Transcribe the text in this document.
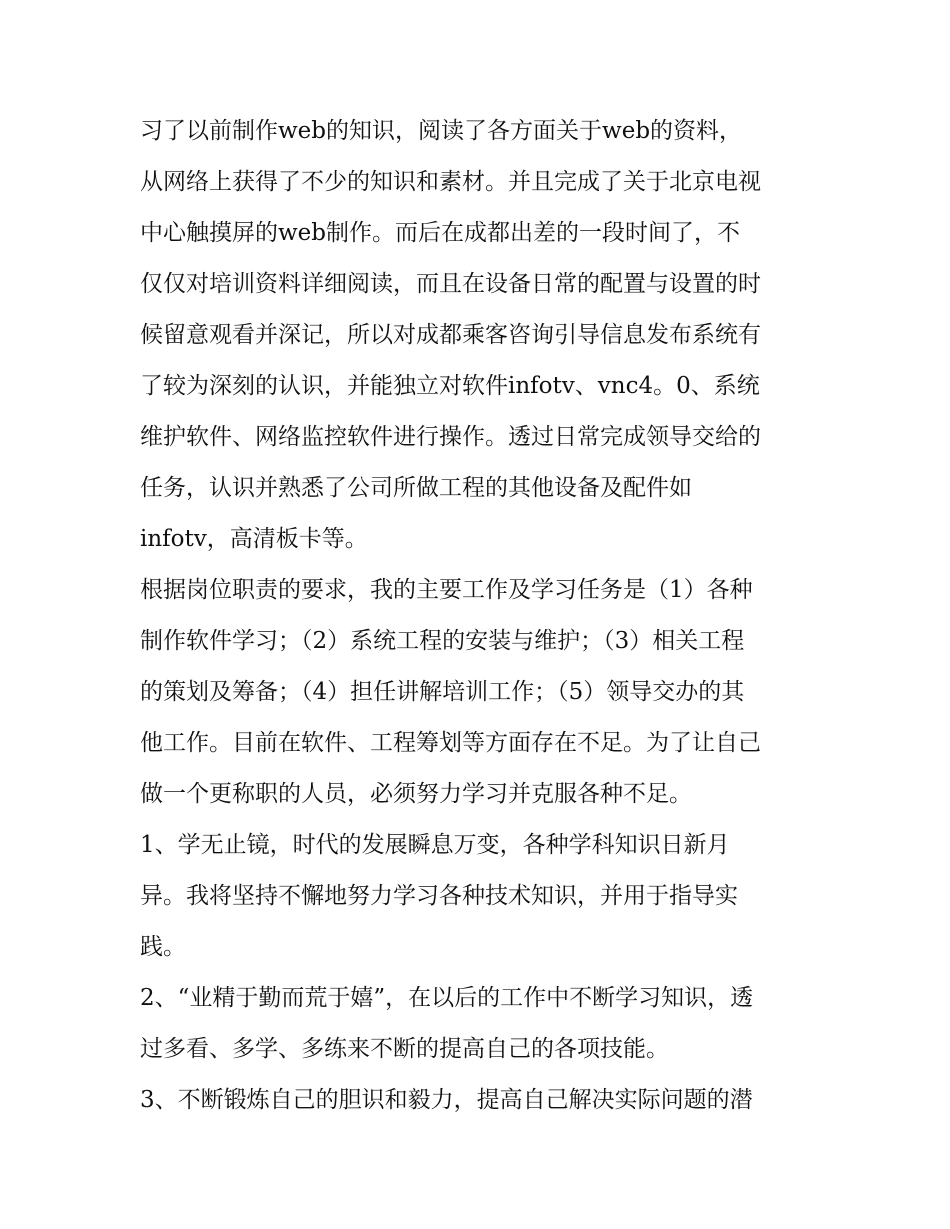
习了以前制作web的知识，阅读了各方面关于web的资料，
从网络上获得了不少的知识和素材。并且完成了关于北京电视
中心触摸屏的web制作。而后在成都出差的一段时间了，不
仅仅对培训资料详细阅读，而且在设备日常的配置与设置的时
候留意观看并深记，所以对成都乘客咨询引导信息发布系统有
了较为深刻的认识，并能独立对软件infotv、vnc4。0、系统
维护软件、网络监控软件进行操作。透过日常完成领导交给的
任务，认识并熟悉了公司所做工程的其他设备及配件如
infotv，高清板卡等。
根据岗位职责的要求，我的主要工作及学习任务是（1）各种
制作软件学习；（2）系统工程的安装与维护；（3）相关工程
的策划及筹备；（4）担任讲解培训工作；（5）领导交办的其
他工作。目前在软件、工程筹划等方面存在不足。为了让自己
做一个更称职的人员，必须努力学习并克服各种不足。
1、学无止镜，时代的发展瞬息万变，各种学科知识日新月
异。我将坚持不懈地努力学习各种技术知识，并用于指导实
践。
2、“业精于勤而荒于嬉”，在以后的工作中不断学习知识，透
过多看、多学、多练来不断的提高自己的各项技能。
3、不断锻炼自己的胆识和毅力，提高自己解决实际问题的潜
